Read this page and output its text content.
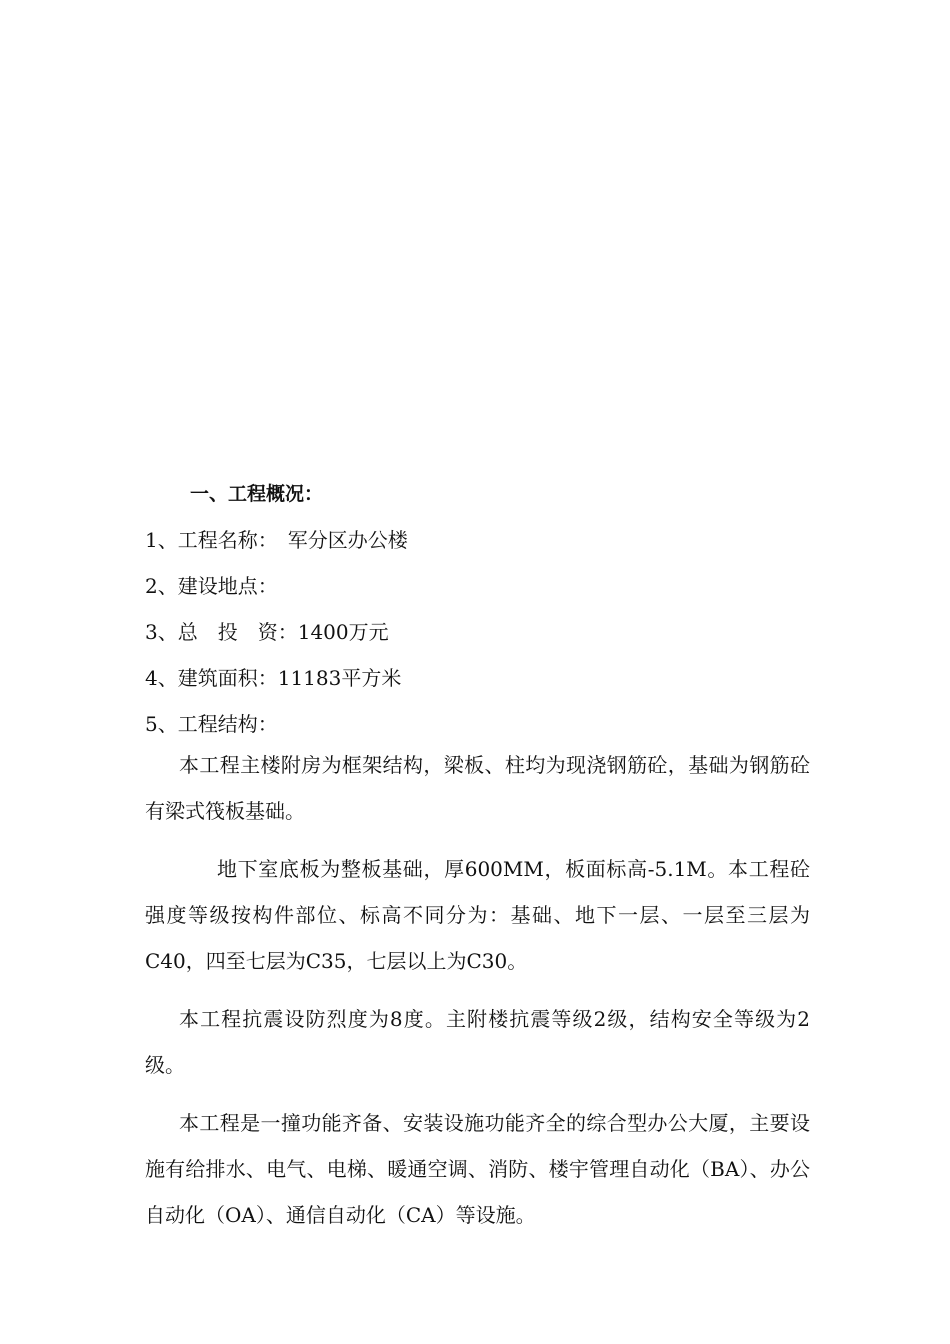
一、工程概况：
1、工程名称：　军分区办公楼
2、建设地点：
3、总　投　资：1400万元
4、建筑面积：11183平方米
5、工程结构：

本工程主楼附房为框架结构，梁板、柱均为现浇钢筋砼，基础为钢筋砼有梁式筏板基础。

地下室底板为整板基础，厚600MM，板面标高-5.1M。本工程砼强度等级按构件部位、标高不同分为：基础、地下一层、一层至三层为C40，四至七层为C35，七层以上为C30。

本工程抗震设防烈度为8度。主附楼抗震等级2级，结构安全等级为2级。

本工程是一撞功能齐备、安装设施功能齐全的综合型办公大厦，主要设施有给排水、电气、电梯、暖通空调、消防、楼宇管理自动化（BA）、办公自动化（OA）、通信自动化（CA）等设施。
